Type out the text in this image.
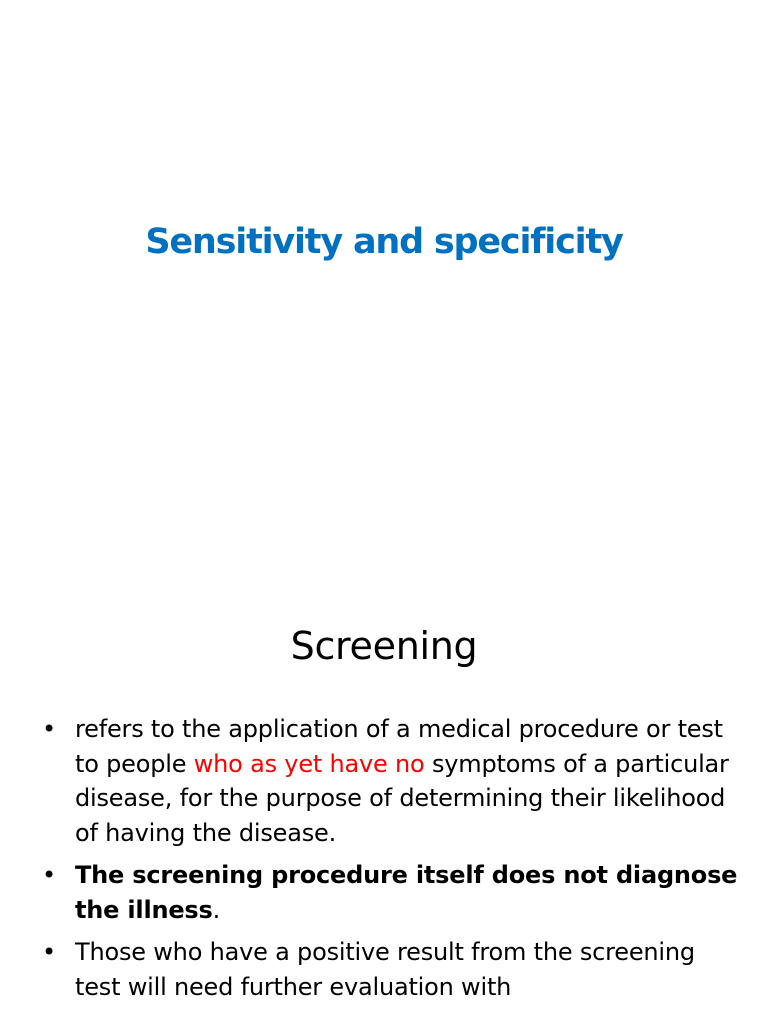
Sensitivity and specificity
Screening
• refers to the application of a medical procedure or test to people who as yet have no symptoms of a particular disease, for the purpose of determining their likelihood of having the disease.
• The screening procedure itself does not diagnose the illness.
• Those who have a positive result from the screening test will need further evaluation with
